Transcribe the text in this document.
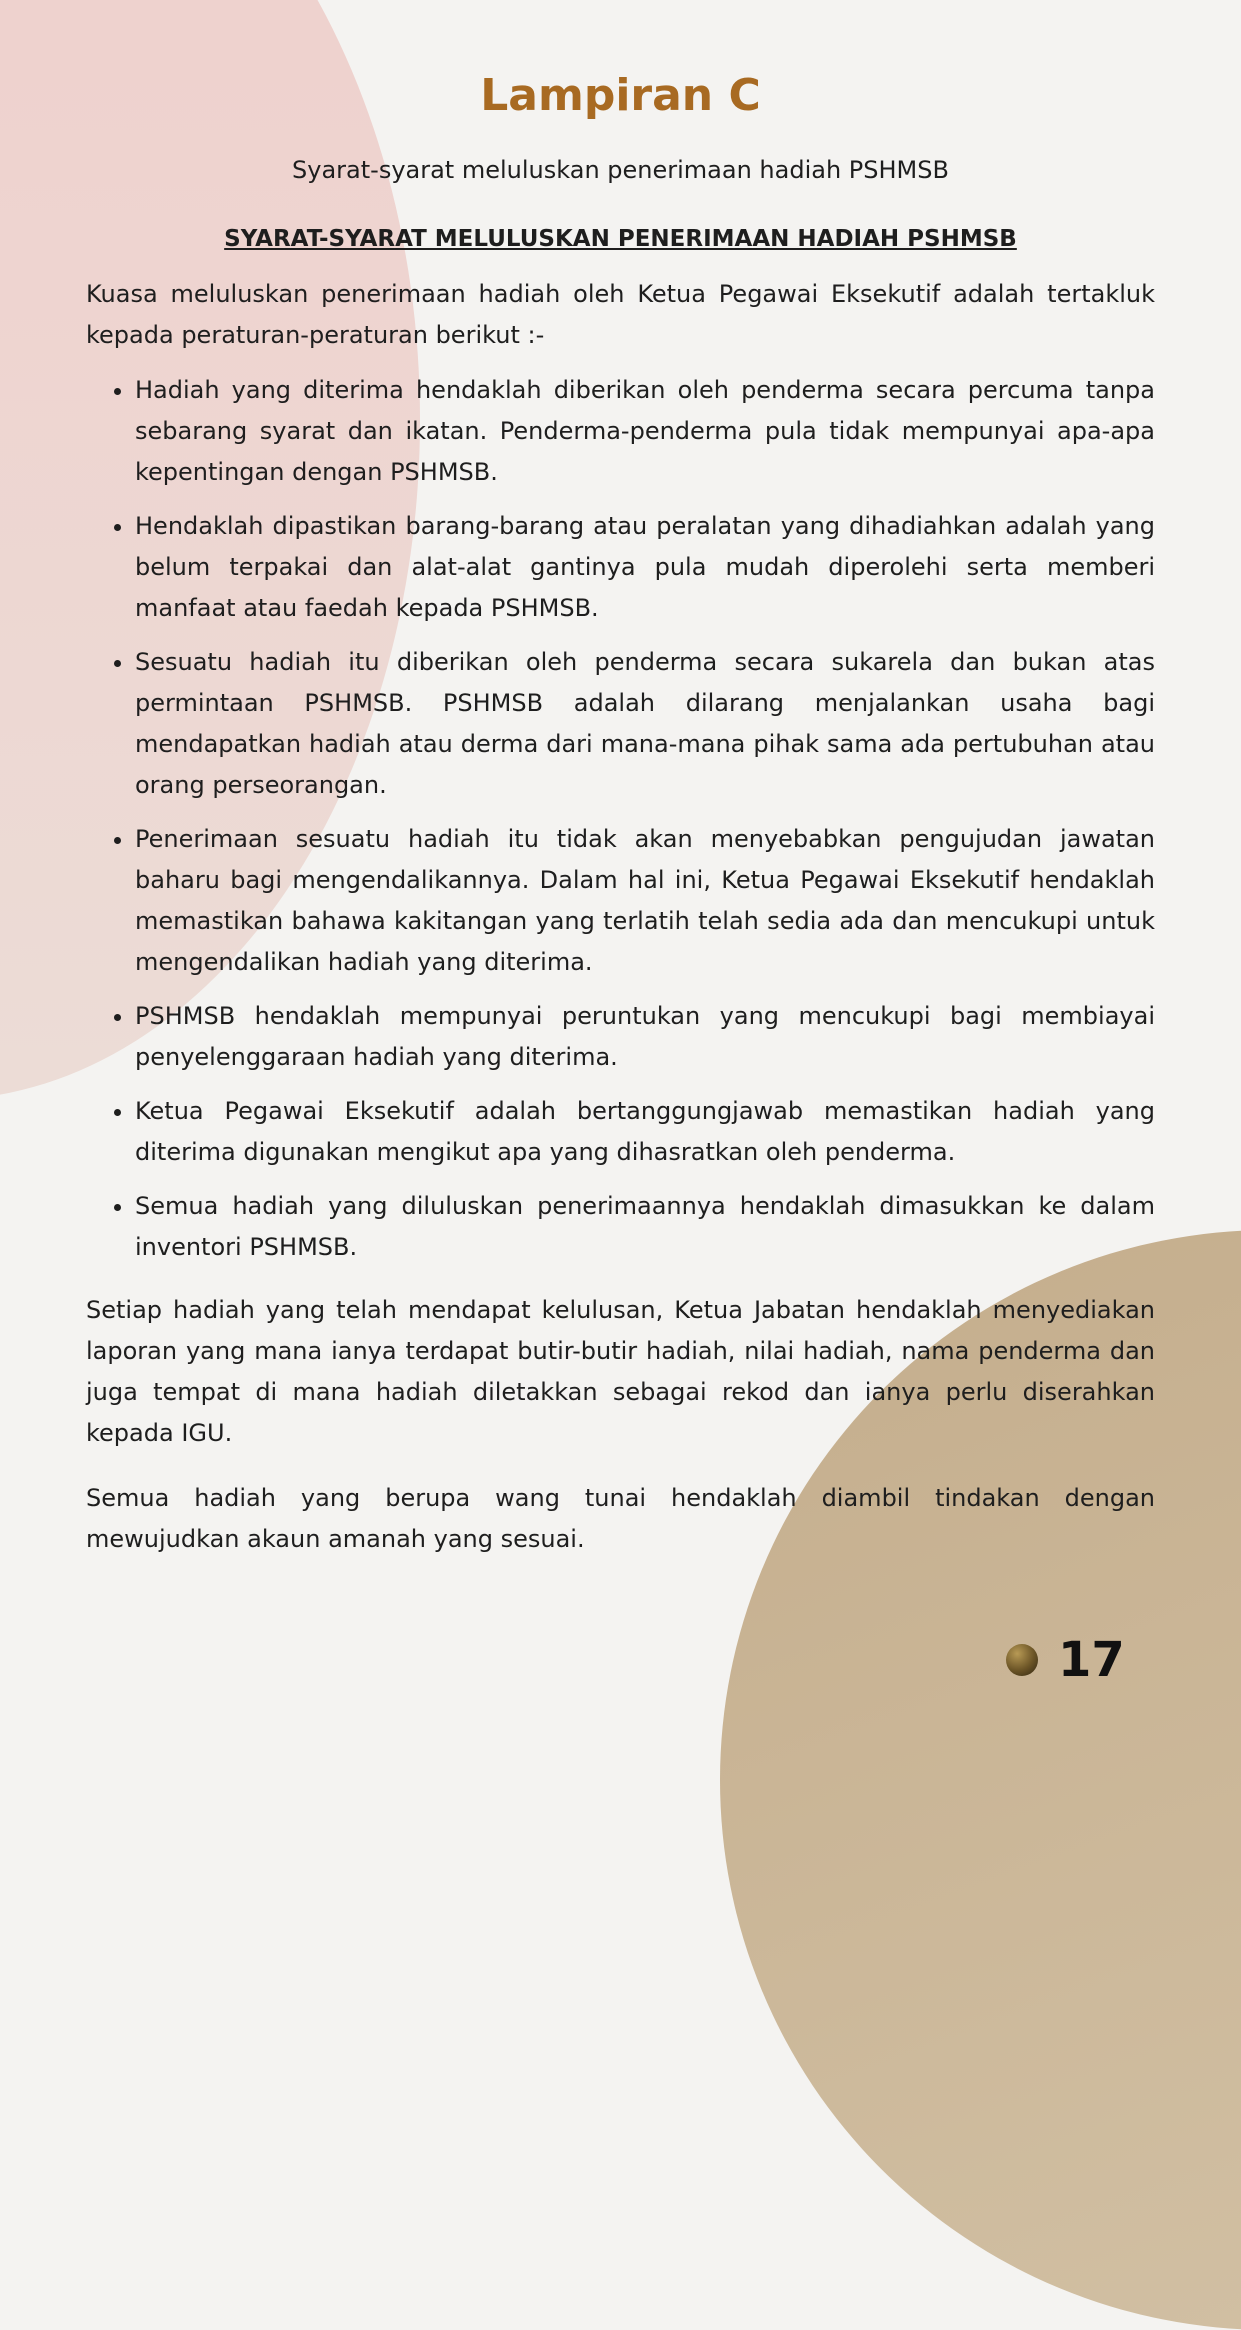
Lampiran C

Syarat-syarat meluluskan penerimaan hadiah PSHMSB

SYARAT-SYARAT MELULUSKAN PENERIMAAN HADIAH PSHMSB

Kuasa meluluskan penerimaan hadiah oleh Ketua Pegawai Eksekutif adalah tertakluk kepada peraturan-peraturan berikut :-

• Hadiah yang diterima hendaklah diberikan oleh penderma secara percuma tanpa sebarang syarat dan ikatan. Penderma-penderma pula tidak mempunyai apa-apa kepentingan dengan PSHMSB.
• Hendaklah dipastikan barang-barang atau peralatan yang dihadiahkan adalah yang belum terpakai dan alat-alat gantinya pula mudah diperolehi serta memberi manfaat atau faedah kepada PSHMSB.
• Sesuatu hadiah itu diberikan oleh penderma secara sukarela dan bukan atas permintaan PSHMSB. PSHMSB adalah dilarang menjalankan usaha bagi mendapatkan hadiah atau derma dari mana-mana pihak sama ada pertubuhan atau orang perseorangan.
• Penerimaan sesuatu hadiah itu tidak akan menyebabkan pengujudan jawatan baharu bagi mengendalikannya. Dalam hal ini, Ketua Pegawai Eksekutif hendaklah memastikan bahawa kakitangan yang terlatih telah sedia ada dan mencukupi untuk mengendalikan hadiah yang diterima.
• PSHMSB hendaklah mempunyai peruntukan yang mencukupi bagi membiayai penyelenggaraan hadiah yang diterima.
• Ketua Pegawai Eksekutif adalah bertanggungjawab memastikan hadiah yang diterima digunakan mengikut apa yang dihasratkan oleh penderma.
• Semua hadiah yang diluluskan penerimaannya hendaklah dimasukkan ke dalam inventori PSHMSB.

Setiap hadiah yang telah mendapat kelulusan, Ketua Jabatan hendaklah menyediakan laporan yang mana ianya terdapat butir-butir hadiah, nilai hadiah, nama penderma dan juga tempat di mana hadiah diletakkan sebagai rekod dan ianya perlu diserahkan kepada IGU.

Semua hadiah yang berupa wang tunai hendaklah diambil tindakan dengan mewujudkan akaun amanah yang sesuai.

17
